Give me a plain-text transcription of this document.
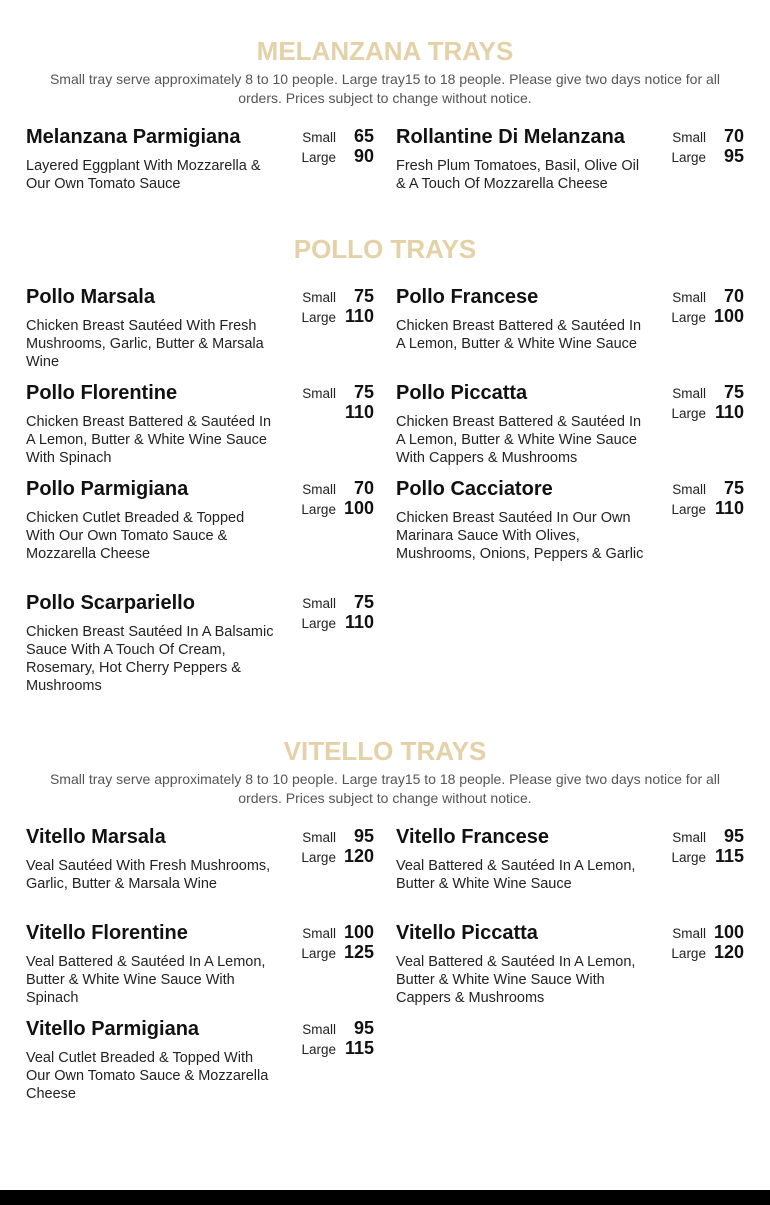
MELANZANA TRAYS

Small tray serve approximately 8 to 10 people. Large tray15 to 18 people. Please give two days notice for all orders. Prices subject to change without notice.

POLLO TRAYS
VITELLO TRAYS

Small tray serve approximately 8 to 10 people. Large tray15 to 18 people. Please give two days notice for all orders. Prices subject to change without notice.

Melanzana Parmigiana
Layered Eggplant With Mozzarella & Our Own Tomato Sauce
Small 65
Large 90
Rollantine Di Melanzana
Fresh Plum Tomatoes, Basil, Olive Oil & A Touch Of Mozzarella Cheese
Small 70
Large 95
Pollo Marsala
Chicken Breast Sautéed With Fresh Mushrooms, Garlic, Butter & Marsala Wine
Small 75
Large 110
Pollo Francese
Chicken Breast Battered & Sautéed In A Lemon, Butter & White Wine Sauce
Small 70
Large 100
Pollo Florentine
Chicken Breast Battered & Sautéed In A Lemon, Butter & White Wine Sauce With Spinach
Small 75
110
Pollo Piccatta
Chicken Breast Battered & Sautéed In A Lemon, Butter & White Wine Sauce With Cappers & Mushrooms
Small 75
Large 110
Pollo Parmigiana
Chicken Cutlet Breaded & Topped With Our Own Tomato Sauce & Mozzarella Cheese
Small 70
Large 100
Pollo Cacciatore
Chicken Breast Sautéed In Our Own Marinara Sauce With Olives, Mushrooms, Onions, Peppers & Garlic
Small 75
Large 110
Pollo Scarpariello
Chicken Breast Sautéed In A Balsamic Sauce With A Touch Of Cream, Rosemary, Hot Cherry Peppers & Mushrooms
Small 75
Large 110
Vitello Marsala
Veal Sautéed With Fresh Mushrooms, Garlic, Butter & Marsala Wine
Small 95
Large 120
Vitello Francese
Veal Battered & Sautéed In A Lemon, Butter & White Wine Sauce
Small 95
Large 115
Vitello Florentine
Veal Battered & Sautéed In A Lemon, Butter & White Wine Sauce With Spinach
Small 100
Large 125
Vitello Piccatta
Veal Battered & Sautéed In A Lemon, Butter & White Wine Sauce With Cappers & Mushrooms
Small 100
Large 120
Vitello Parmigiana
Veal Cutlet Breaded & Topped With Our Own Tomato Sauce & Mozzarella Cheese
Small 95
Large 115
